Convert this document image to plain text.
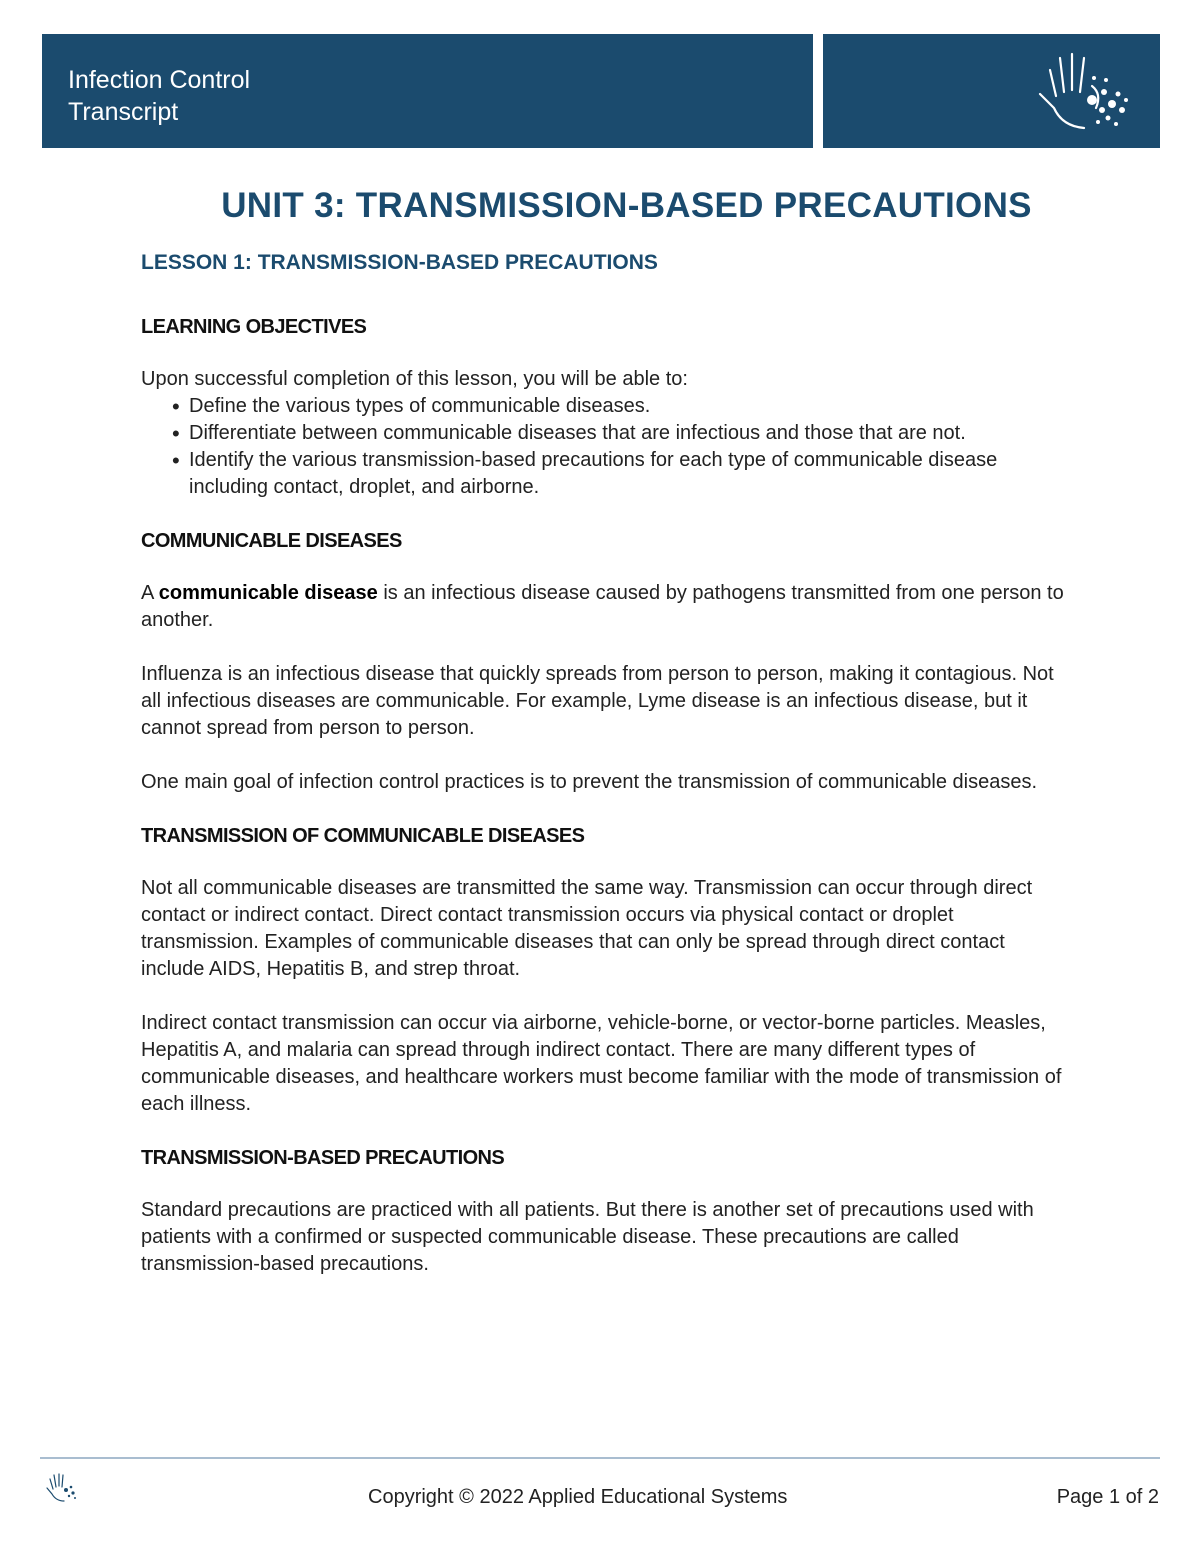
Infection Control
Transcript
UNIT 3: TRANSMISSION-BASED PRECAUTIONS
LESSON 1: TRANSMISSION-BASED PRECAUTIONS
LEARNING OBJECTIVES

Upon successful completion of this lesson, you will be able to:

• Define the various types of communicable diseases.
• Differentiate between communicable diseases that are infectious and those that are not.
• Identify the various transmission-based precautions for each type of communicable disease including contact, droplet, and airborne.
COMMUNICABLE DISEASES

A communicable disease is an infectious disease caused by pathogens transmitted from one person to another.

Influenza is an infectious disease that quickly spreads from person to person, making it contagious. Not all infectious diseases are communicable. For example, Lyme disease is an infectious disease, but it cannot spread from person to person.

One main goal of infection control practices is to prevent the transmission of communicable diseases.

TRANSMISSION OF COMMUNICABLE DISEASES

Not all communicable diseases are transmitted the same way. Transmission can occur through direct contact or indirect contact. Direct contact transmission occurs via physical contact or droplet transmission. Examples of communicable diseases that can only be spread through direct contact include AIDS, Hepatitis B, and strep throat.

Indirect contact transmission can occur via airborne, vehicle-borne, or vector-borne particles. Measles, Hepatitis A, and malaria can spread through indirect contact. There are many different types of communicable diseases, and healthcare workers must become familiar with the mode of transmission of each illness.

TRANSMISSION-BASED PRECAUTIONS

Standard precautions are practiced with all patients. But there is another set of precautions used with patients with a confirmed or suspected communicable disease. These precautions are called transmission-based precautions.

Copyright © 2022 Applied Educational Systems	Page 1 of 2
